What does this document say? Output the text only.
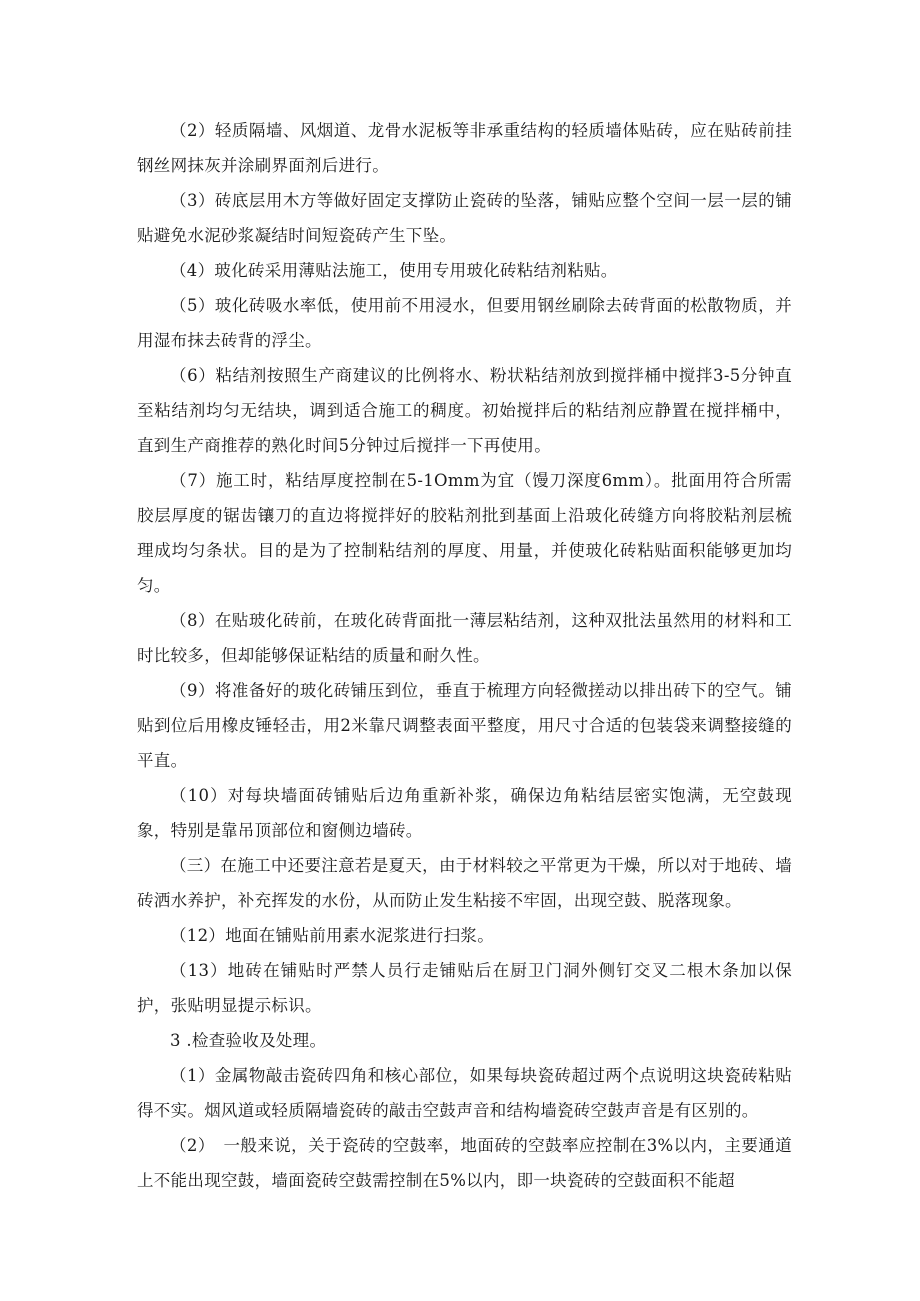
（2）轻质隔墙、风烟道、龙骨水泥板等非承重结构的轻质墙体贴砖，应在贴砖前挂钢丝网抹灰并涂刷界面剂后进行。

（3）砖底层用木方等做好固定支撑防止瓷砖的坠落，铺贴应整个空间一层一层的铺贴避免水泥砂浆凝结时间短瓷砖产生下坠。

（4）玻化砖采用薄贴法施工，使用专用玻化砖粘结剂粘贴。

（5）玻化砖吸水率低，使用前不用浸水，但要用钢丝刷除去砖背面的松散物质，并用湿布抹去砖背的浮尘。

（6）粘结剂按照生产商建议的比例将水、粉状粘结剂放到搅拌桶中搅拌3-5分钟直至粘结剂均匀无结块，调到适合施工的稠度。初始搅拌后的粘结剂应静置在搅拌桶中，直到生产商推荐的熟化时间5分钟过后搅拌一下再使用。

（7）施工时，粘结厚度控制在5-1Omm为宜（馒刀深度6mm）。批面用符合所需胶层厚度的锯齿镶刀的直边将搅拌好的胶粘剂批到基面上沿玻化砖缝方向将胶粘剂层梳理成均匀条状。目的是为了控制粘结剂的厚度、用量，并使玻化砖粘贴面积能够更加均匀。

（8）在贴玻化砖前，在玻化砖背面批一薄层粘结剂，这种双批法虽然用的材料和工时比较多，但却能够保证粘结的质量和耐久性。

（9）将准备好的玻化砖铺压到位，垂直于梳理方向轻微搓动以排出砖下的空气。铺贴到位后用橡皮锤轻击，用2米靠尺调整表面平整度，用尺寸合适的包装袋来调整接缝的平直。

（10）对每块墙面砖铺贴后边角重新补浆，确保边角粘结层密实饱满，无空鼓现象，特别是靠吊顶部位和窗侧边墙砖。

（三）在施工中还要注意若是夏天，由于材料较之平常更为干燥，所以对于地砖、墙砖洒水养护，补充挥发的水份，从而防止发生粘接不牢固，出现空鼓、脱落现象。

（12）地面在铺贴前用素水泥浆进行扫浆。

（13）地砖在铺贴时严禁人员行走铺贴后在厨卫门洞外侧钉交叉二根木条加以保护，张贴明显提示标识。

3 .检查验收及处理。

（1）金属物敲击瓷砖四角和核心部位，如果每块瓷砖超过两个点说明这块瓷砖粘贴得不实。烟风道或轻质隔墙瓷砖的敲击空鼓声音和结构墙瓷砖空鼓声音是有区别的。

（2）　一般来说，关于瓷砖的空鼓率，地面砖的空鼓率应控制在3%以内，主要通道上不能出现空鼓，墙面瓷砖空鼓需控制在5%以内，即一块瓷砖的空鼓面积不能超
